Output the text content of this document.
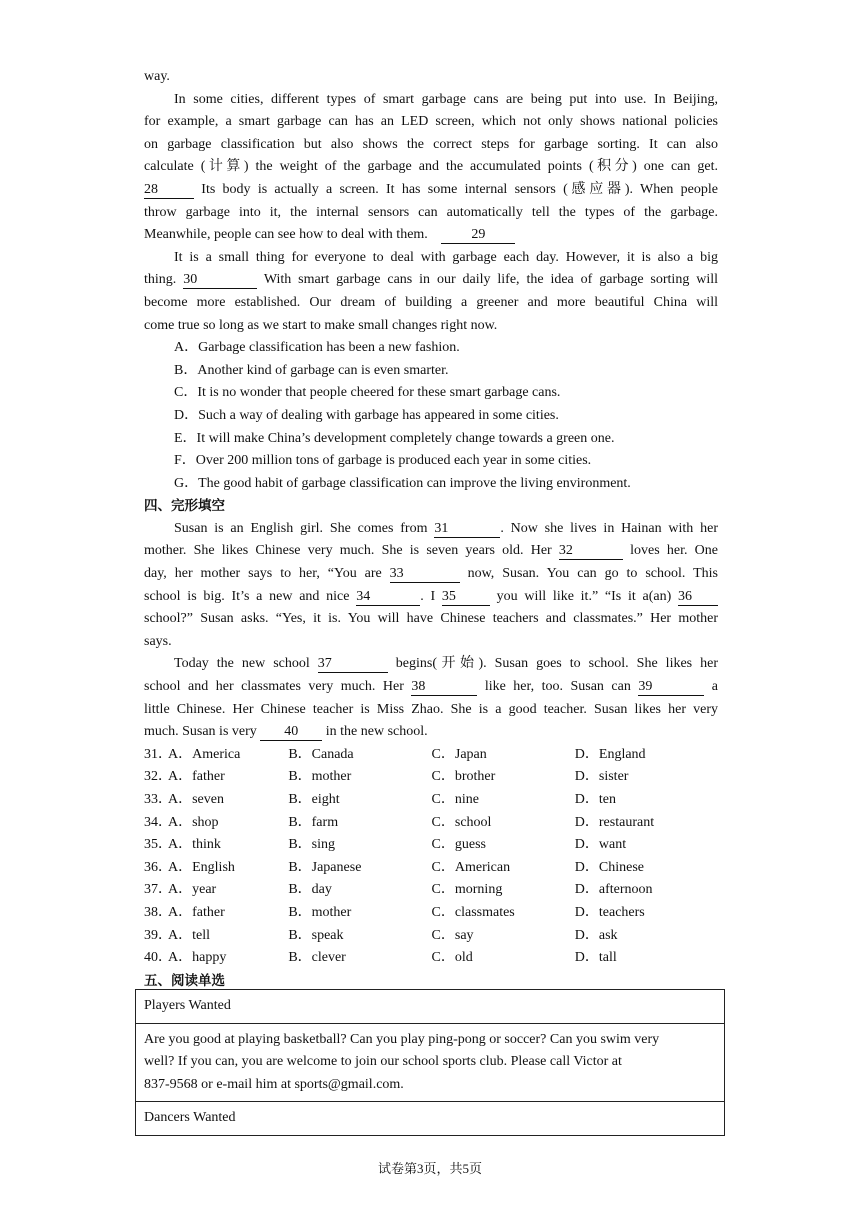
way.
In some cities, different types of smart garbage cans are being put into use. In Beijing,
for example, a smart garbage can has an LED screen, which not only shows national policies
on garbage classification but also shows the correct steps for garbage sorting. It can also
calculate (计算) the weight of the garbage and the accumulated points (积分) one can get.
28	Its body is actually a screen. It has some internal sensors (感应器). When people
throw garbage into it, the internal sensors can automatically tell the types of the garbage.
Meanwhile, people can see how to deal with them.	29
It is a small thing for everyone to deal with garbage each day. However, it is also a big
thing. 30	With smart garbage cans in our daily life, the idea of garbage sorting will
become more established. Our dream of building a greener and more beautiful China will
come true so long as we start to make small changes right now.
A．Garbage classification has been a new fashion.
B．Another kind of garbage can is even smarter.
C．It is no wonder that people cheered for these smart garbage cans.
D．Such a way of dealing with garbage has appeared in some cities.
E．It will make China’s development completely change towards a green one.
F．Over 200 million tons of garbage is produced each year in some cities.
G．The good habit of garbage classification can improve the living environment.
四、完形填空
Susan is an English girl. She comes from 31	. Now she lives in Hainan with her
mother. She likes Chinese very much. She is seven years old. Her 32	loves her. One
day, her mother says to her, “You are 33	now, Susan. You can go to school. This
school is big. It’s a new and nice 34	. I 35	you will like it.” “Is it a(an) 36
school?” Susan asks. “Yes, it is. You will have Chinese teachers and classmates.” Her mother
says.
Today the new school 37	begins(开始). Susan goes to school. She likes her
school and her classmates very much. Her 38	like her, too. Susan can 39	a
little Chinese. Her Chinese teacher is Miss Zhao. She is a good teacher. Susan likes her very
much. Susan is very 40 in the new school.
31．
A．America	B．Canada	C．Japan	D．England
32．
A．father	B．mother	C．brother	D．sister
33．
A．seven	B．eight	C．nine	D．ten
34．
A．shop	B．farm	C．school	D．restaurant
35．
A．think	B．sing	C．guess	D．want
36．
A．English	B．Japanese	C．American	D．Chinese
37．
A．year	B．day	C．morning	D．afternoon
38．
A．father	B．mother	C．classmates	D．teachers
39．
A．tell	B．speak	C．say	D．ask
40．
A．happy	B．clever	C．old	D．tall
五、阅读单选
Players Wanted

Are you good at playing basketball? Can you play ping-pong or soccer? Can you swim very
well? If you can, you are welcome to join our school sports club. Please call Victor at
837-9568 or e-mail him at sports@gmail.com.

Dancers Wanted
试卷第3页，共5页
